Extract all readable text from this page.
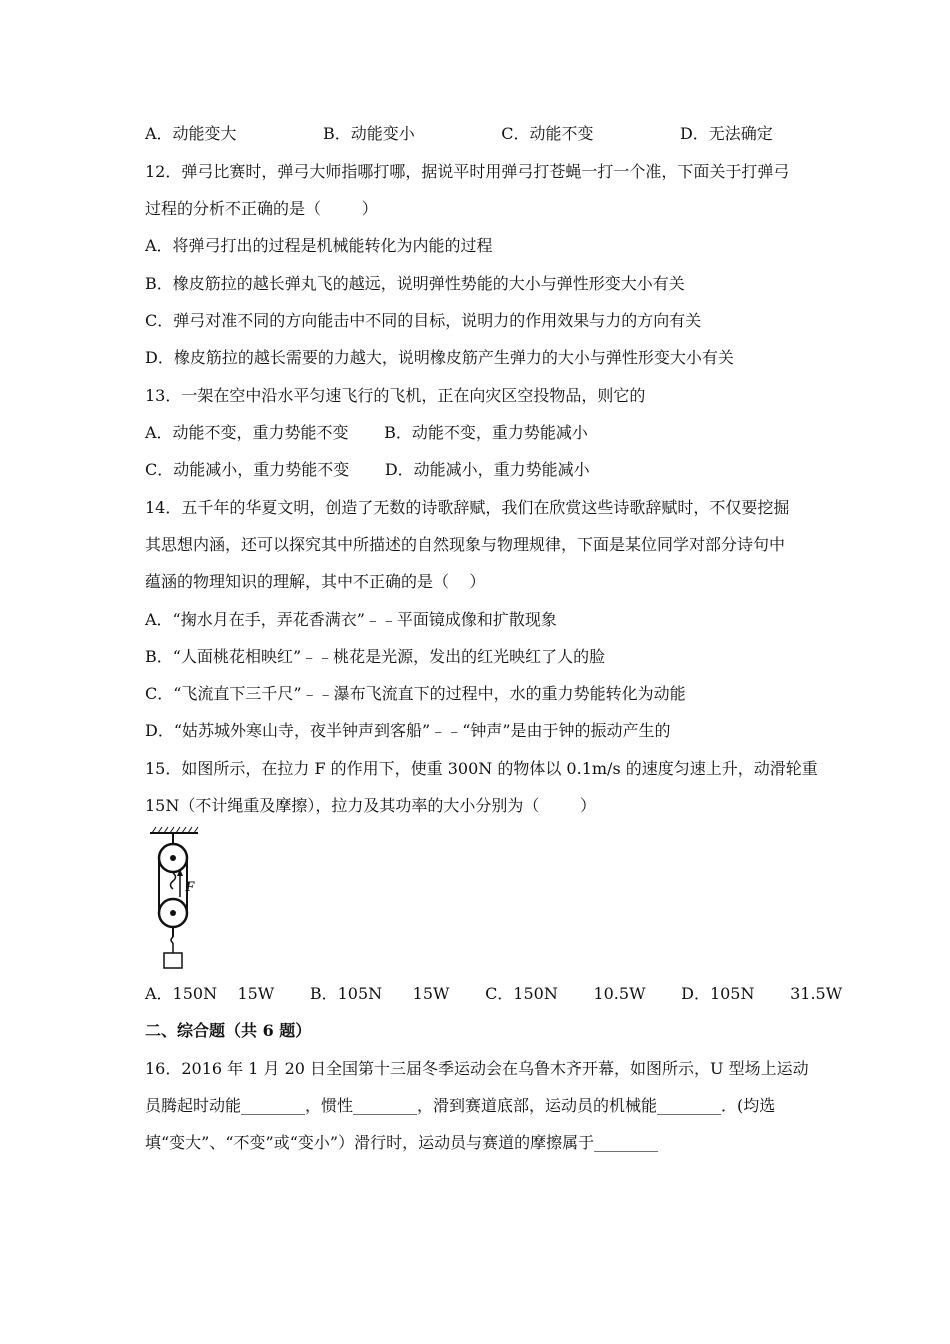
A．动能变大                 B．动能变小                 C．动能不变                 D．无法确定
12．弹弓比赛时，弹弓大师指哪打哪，据说平时用弹弓打苍蝇一打一个准，下面关于打弹弓
过程的分析不正确的是（        ）
A．将弹弓打出的过程是机械能转化为内能的过程
B．橡皮筋拉的越长弹丸飞的越远，说明弹性势能的大小与弹性形变大小有关
C．弹弓对准不同的方向能击中不同的目标，说明力的作用效果与力的方向有关
D．橡皮筋拉的越长需要的力越大，说明橡皮筋产生弹力的大小与弹性形变大小有关
13．一架在空中沿水平匀速飞行的飞机，正在向灾区空投物品，则它的
A．动能不变，重力势能不变       B．动能不变，重力势能减小
C．动能减小，重力势能不变       D．动能减小，重力势能减小
14．五千年的华夏文明，创造了无数的诗歌辞赋，我们在欣赏这些诗歌辞赋时，不仅要挖掘
其思想内涵，还可以探究其中所描述的自然现象与物理规律，下面是某位同学对部分诗句中
蕴涵的物理知识的理解，其中不正确的是（    ）
A．“掬水月在手，弄花香满衣”﹣﹣平面镜成像和扩散现象
B．“人面桃花相映红”﹣﹣桃花是光源，发出的红光映红了人的脸
C．“飞流直下三千尺”﹣﹣瀑布飞流直下的过程中，水的重力势能转化为动能
D．“姑苏城外寒山寺，夜半钟声到客船”﹣﹣“钟声”是由于钟的振动产生的
15．如图所示，在拉力 F 的作用下，使重 300N 的物体以 0.1m/s 的速度匀速上升，动滑轮重
15N（不计绳重及摩擦），拉力及其功率的大小分别为（        ）
F
A．150N    15W       B．105N      15W       C．150N       10.5W       D．105N       31.5W
二、综合题（共 6 题）
16．2016 年 1 月 20 日全国第十三届冬季运动会在乌鲁木齐开幕，如图所示，U 型场上运动
员腾起时动能________，惯性________，滑到赛道底部，运动员的机械能________．(均选
填“变大”、“不变”或“变小”）滑行时，运动员与赛道的摩擦属于________
